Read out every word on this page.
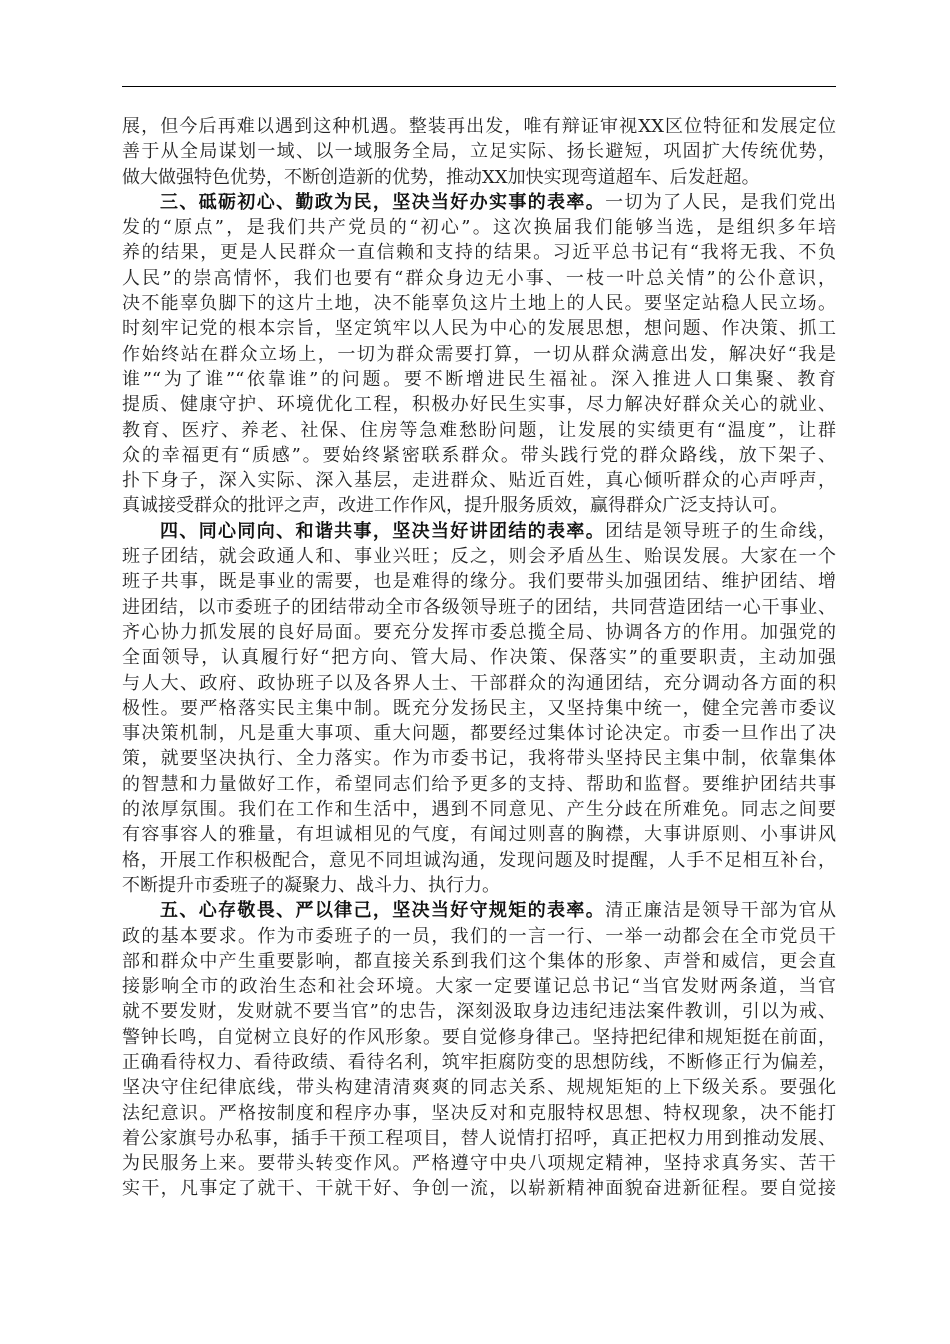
展，但今后再难以遇到这种机遇。整装再出发，唯有辩证审视XX区位特征和发展定位
善于从全局谋划一域、以一域服务全局，立足实际、扬长避短，巩固扩大传统优势，
做大做强特色优势，不断创造新的优势，推动XX加快实现弯道超车、后发赶超。
三、砥砺初心、勤政为民，坚决当好办实事的表率。一切为了人民，是我们党出
发的“原点”，是我们共产党员的“初心”。这次换届我们能够当选，是组织多年培
养的结果，更是人民群众一直信赖和支持的结果。习近平总书记有“我将无我、不负
人民”的崇高情怀，我们也要有“群众身边无小事、一枝一叶总关情”的公仆意识，
决不能辜负脚下的这片土地，决不能辜负这片土地上的人民。要坚定站稳人民立场。
时刻牢记党的根本宗旨，坚定筑牢以人民为中心的发展思想，想问题、作决策、抓工
作始终站在群众立场上，一切为群众需要打算，一切从群众满意出发，解决好“我是
谁”“为了谁”“依靠谁”的问题。要不断增进民生福祉。深入推进人口集聚、教育
提质、健康守护、环境优化工程，积极办好民生实事，尽力解决好群众关心的就业、
教育、医疗、养老、社保、住房等急难愁盼问题，让发展的实绩更有“温度”，让群
众的幸福更有“质感”。要始终紧密联系群众。带头践行党的群众路线，放下架子、
扑下身子，深入实际、深入基层，走进群众、贴近百姓，真心倾听群众的心声呼声，
真诚接受群众的批评之声，改进工作作风，提升服务质效，赢得群众广泛支持认可。
四、同心同向、和谐共事，坚决当好讲团结的表率。团结是领导班子的生命线，
班子团结，就会政通人和、事业兴旺；反之，则会矛盾丛生、贻误发展。大家在一个
班子共事，既是事业的需要，也是难得的缘分。我们要带头加强团结、维护团结、增
进团结，以市委班子的团结带动全市各级领导班子的团结，共同营造团结一心干事业、
齐心协力抓发展的良好局面。要充分发挥市委总揽全局、协调各方的作用。加强党的
全面领导，认真履行好“把方向、管大局、作决策、保落实”的重要职责，主动加强
与人大、政府、政协班子以及各界人士、干部群众的沟通团结，充分调动各方面的积
极性。要严格落实民主集中制。既充分发扬民主，又坚持集中统一，健全完善市委议
事决策机制，凡是重大事项、重大问题，都要经过集体讨论决定。市委一旦作出了决
策，就要坚决执行、全力落实。作为市委书记，我将带头坚持民主集中制，依靠集体
的智慧和力量做好工作，希望同志们给予更多的支持、帮助和监督。要维护团结共事
的浓厚氛围。我们在工作和生活中，遇到不同意见、产生分歧在所难免。同志之间要
有容事容人的雅量，有坦诚相见的气度，有闻过则喜的胸襟，大事讲原则、小事讲风
格，开展工作积极配合，意见不同坦诚沟通，发现问题及时提醒，人手不足相互补台，
不断提升市委班子的凝聚力、战斗力、执行力。
五、心存敬畏、严以律己，坚决当好守规矩的表率。清正廉洁是领导干部为官从
政的基本要求。作为市委班子的一员，我们的一言一行、一举一动都会在全市党员干
部和群众中产生重要影响，都直接关系到我们这个集体的形象、声誉和威信，更会直
接影响全市的政治生态和社会环境。大家一定要谨记总书记“当官发财两条道，当官
就不要发财，发财就不要当官”的忠告，深刻汲取身边违纪违法案件教训，引以为戒、
警钟长鸣，自觉树立良好的作风形象。要自觉修身律己。坚持把纪律和规矩挺在前面，
正确看待权力、看待政绩、看待名利，筑牢拒腐防变的思想防线，不断修正行为偏差，
坚决守住纪律底线，带头构建清清爽爽的同志关系、规规矩矩的上下级关系。要强化
法纪意识。严格按制度和程序办事，坚决反对和克服特权思想、特权现象，决不能打
着公家旗号办私事，插手干预工程项目，替人说情打招呼，真正把权力用到推动发展、
为民服务上来。要带头转变作风。严格遵守中央八项规定精神，坚持求真务实、苦干
实干，凡事定了就干、干就干好、争创一流，以崭新精神面貌奋进新征程。要自觉接
